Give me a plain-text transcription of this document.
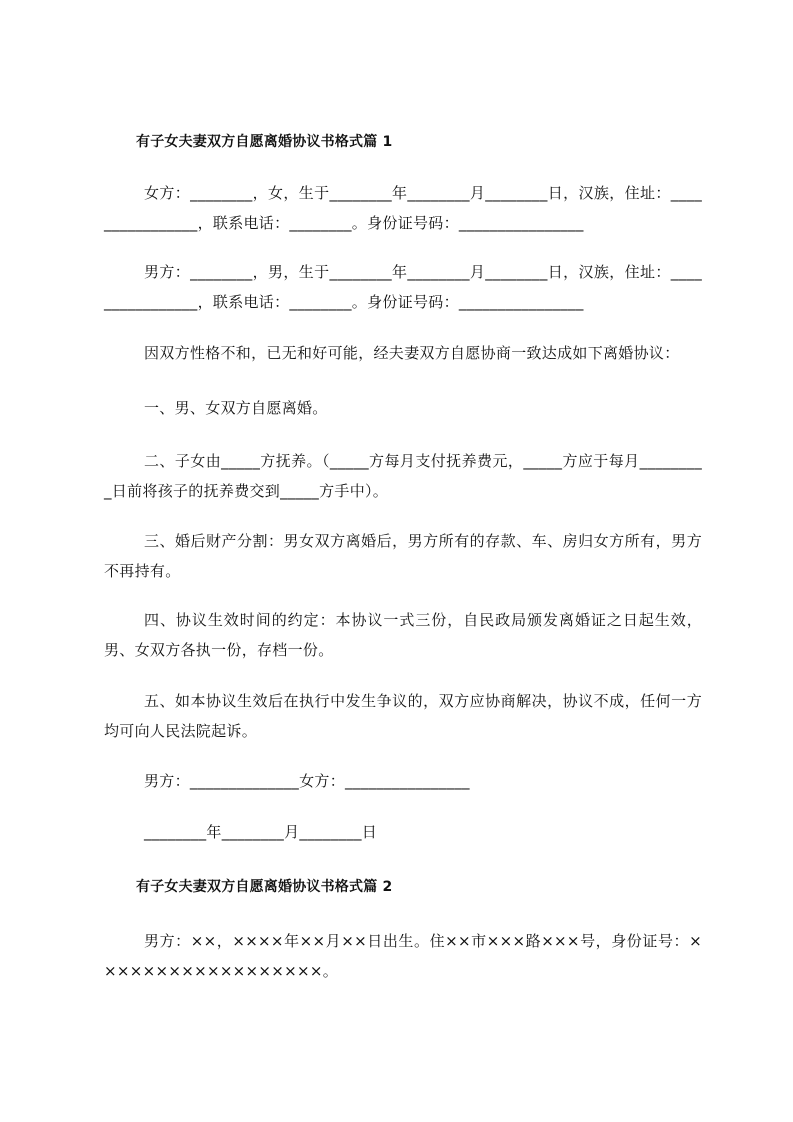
有子女夫妻双方自愿离婚协议书格式篇 1
女方：________，女，生于________年________月________日，汉族，住址：________________，联系电话：________。身份证号码：________________
男方：________，男，生于________年________月________日，汉族，住址：________________，联系电话：________。身份证号码：________________
因双方性格不和，已无和好可能，经夫妻双方自愿协商一致达成如下离婚协议：
一、男、女双方自愿离婚。
二、子女由_____方抚养。（_____方每月支付抚养费元，_____方应于每月_________日前将孩子的抚养费交到_____方手中）。
三、婚后财产分割：男女双方离婚后，男方所有的存款、车、房归女方所有，男方不再持有。
四、协议生效时间的约定：本协议一式三份，自民政局颁发离婚证之日起生效，男、女双方各执一份，存档一份。
五、如本协议生效后在执行中发生争议的，双方应协商解决，协议不成，任何一方均可向人民法院起诉。
男方：______________女方：________________
________年________月________日
有子女夫妻双方自愿离婚协议书格式篇 2
男方：××，××××年××月××日出生。住××市×××路×××号，身份证号：××××××××××××××××××。
